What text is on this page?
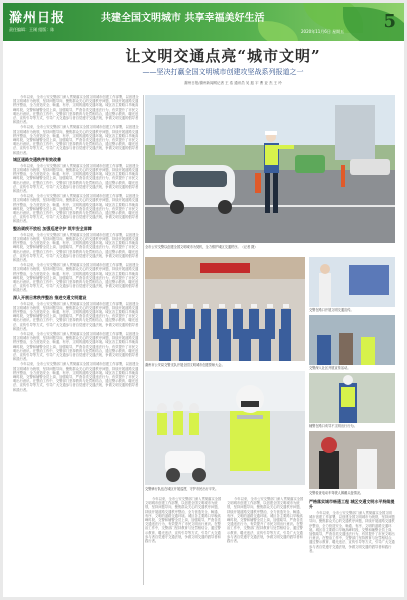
滁州日报	共建全国文明城市 共享幸福美好生活
责任编辑：王刚 组版：陈	2020年11月6日 星期五 5
让文明交通点亮“城市文明”
——坚决打赢全国文明城市创建攻坚战系列报道之一
滁州日报/滁州新闻网记者 王 浩 通讯员 吴 振 宇 曹 亚 杰 王 玲

今年以来，全市公安交警部门深入贯彻落实全国文明城市创建工作部署，以创建全国文明城市为统领，坚持问题导向，聚焦群众关心的交通秩序问题，持续开展道路交通秩序整治，全力营造安全、畅通、有序、文明的道路交通环境。城区各主要路口早晚高峰时段，交警和辅警全员上岗，加强疏导，严查各类交通违法行为，有效提升了市民文明出行意识。在整治工作中，交警部门坚持教育与处罚相结合，通过警示教育、曝光违法、宣传引导等方式，引导广大交通参与者自觉遵守交通法规，争做文明交通的倡导者和践行者。

今年以来，全市公安交警部门深入贯彻落实全国文明城市创建工作部署，以创建全国文明城市为统领，坚持问题导向，聚焦群众关心的交通秩序问题，持续开展道路交通秩序整治，全力营造安全、畅通、有序、文明的道路交通环境。城区各主要路口早晚高峰时段，交警和辅警全员上岗，加强疏导，严查各类交通违法行为，有效提升了市民文明出行意识。在整治工作中，交警部门坚持教育与处罚相结合，通过警示教育、曝光违法、宣传引导等方式，引导广大交通参与者自觉遵守交通法规，争做文明交通的倡导者和践行者。

城区道路交通秩序有效改善

今年以来，全市公安交警部门深入贯彻落实全国文明城市创建工作部署，以创建全国文明城市为统领，坚持问题导向，聚焦群众关心的交通秩序问题，持续开展道路交通秩序整治，全力营造安全、畅通、有序、文明的道路交通环境。城区各主要路口早晚高峰时段，交警和辅警全员上岗，加强疏导，严查各类交通违法行为，有效提升了市民文明出行意识。在整治工作中，交警部门坚持教育与处罚相结合，通过警示教育、曝光违法、宣传引导等方式，引导广大交通参与者自觉遵守交通法规，争做文明交通的倡导者和践行者。

今年以来，全市公安交警部门深入贯彻落实全国文明城市创建工作部署，以创建全国文明城市为统领，坚持问题导向，聚焦群众关心的交通秩序问题，持续开展道路交通秩序整治，全力营造安全、畅通、有序、文明的道路交通环境。城区各主要路口早晚高峰时段，交警和辅警全员上岗，加强疏导，严查各类交通违法行为，有效提升了市民文明出行意识。在整治工作中，交警部门坚持教育与处罚相结合，通过警示教育、曝光违法、宣传引导等方式，引导广大交通参与者自觉遵守交通法规，争做文明交通的倡导者和践行者。

整治顽疾不放松 加强巡逻守护 筑牢安全屏障

今年以来，全市公安交警部门深入贯彻落实全国文明城市创建工作部署，以创建全国文明城市为统领，坚持问题导向，聚焦群众关心的交通秩序问题，持续开展道路交通秩序整治，全力营造安全、畅通、有序、文明的道路交通环境。城区各主要路口早晚高峰时段，交警和辅警全员上岗，加强疏导，严查各类交通违法行为，有效提升了市民文明出行意识。在整治工作中，交警部门坚持教育与处罚相结合，通过警示教育、曝光违法、宣传引导等方式，引导广大交通参与者自觉遵守交通法规，争做文明交通的倡导者和践行者。

今年以来，全市公安交警部门深入贯彻落实全国文明城市创建工作部署，以创建全国文明城市为统领，坚持问题导向，聚焦群众关心的交通秩序问题，持续开展道路交通秩序整治，全力营造安全、畅通、有序、文明的道路交通环境。城区各主要路口早晚高峰时段，交警和辅警全员上岗，加强疏导，严查各类交通违法行为，有效提升了市民文明出行意识。在整治工作中，交警部门坚持教育与处罚相结合，通过警示教育、曝光违法、宣传引导等方式，引导广大交通参与者自觉遵守交通法规，争做文明交通的倡导者和践行者。

深入开展日常秩序整治 推进交通文明建设

今年以来，全市公安交警部门深入贯彻落实全国文明城市创建工作部署，以创建全国文明城市为统领，坚持问题导向，聚焦群众关心的交通秩序问题，持续开展道路交通秩序整治，全力营造安全、畅通、有序、文明的道路交通环境。城区各主要路口早晚高峰时段，交警和辅警全员上岗，加强疏导，严查各类交通违法行为，有效提升了市民文明出行意识。在整治工作中，交警部门坚持教育与处罚相结合，通过警示教育、曝光违法、宣传引导等方式，引导广大交通参与者自觉遵守交通法规，争做文明交通的倡导者和践行者。

今年以来，全市公安交警部门深入贯彻落实全国文明城市创建工作部署，以创建全国文明城市为统领，坚持问题导向，聚焦群众关心的交通秩序问题，持续开展道路交通秩序整治，全力营造安全、畅通、有序、文明的道路交通环境。城区各主要路口早晚高峰时段，交警和辅警全员上岗，加强疏导，严查各类交通违法行为，有效提升了市民文明出行意识。在整治工作中，交警部门坚持教育与处罚相结合，通过警示教育、曝光违法、宣传引导等方式，引导广大交通参与者自觉遵守交通法规，争做文明交通的倡导者和践行者。

今年以来，全市公安交警部门深入贯彻落实全国文明城市创建工作部署，以创建全国文明城市为统领，坚持问题导向，聚焦群众关心的交通秩序问题，持续开展道路交通秩序整治，全力营造安全、畅通、有序、文明的道路交通环境。城区各主要路口早晚高峰时段，交警和辅警全员上岗，加强疏导，严查各类交通违法行为，有效提升了市民文明出行意识。在整治工作中，交警部门坚持教育与处罚相结合，通过警示教育、曝光违法、宣传引导等方式，引导广大交通参与者自觉遵守交通法规，争做文明交通的倡导者和践行者。

全市公安交警以创建全国文明城市为契机，全力维护城区交通秩序。（记者 摄）
滁州市公安局交警支队开展全国文明城市创建誓师大会。
交警在路口开展文明交通宣传。
交警深入社区开展宣传活动。
辅警在路口劝导不文明出行行为。
交警检查电动车驾驶人佩戴头盔情况。
交警骑行队伍在城区开展巡逻，守护市民出行平安。

今年以来，全市公安交警部门深入贯彻落实全国文明城市创建工作部署，以创建全国文明城市为统领，坚持问题导向，聚焦群众关心的交通秩序问题，持续开展道路交通秩序整治，全力营造安全、畅通、有序、文明的道路交通环境。城区各主要路口早晚高峰时段，交警和辅警全员上岗，加强疏导，严查各类交通违法行为，有效提升了市民文明出行意识。在整治工作中，交警部门坚持教育与处罚相结合，通过警示教育、曝光违法、宣传引导等方式，引导广大交通参与者自觉遵守交通法规，争做文明交通的倡导者和践行者。

今年以来，全市公安交警部门深入贯彻落实全国文明城市创建工作部署，以创建全国文明城市为统领，坚持问题导向，聚焦群众关心的交通秩序问题，持续开展道路交通秩序整治，全力营造安全、畅通、有序、文明的道路交通环境。城区各主要路口早晚高峰时段，交警和辅警全员上岗，加强疏导，严查各类交通违法行为，有效提升了市民文明出行意识。在整治工作中，交警部门坚持教育与处罚相结合，通过警示教育、曝光违法、宣传引导等方式，引导广大交通参与者自觉遵守交通法规，争做文明交通的倡导者和践行者。

严格落实城市畅通工程 城区交通文明水平持续提升

今年以来，全市公安交警部门深入贯彻落实全国文明城市创建工作部署，以创建全国文明城市为统领，坚持问题导向，聚焦群众关心的交通秩序问题，持续开展道路交通秩序整治，全力营造安全、畅通、有序、文明的道路交通环境。城区各主要路口早晚高峰时段，交警和辅警全员上岗，加强疏导，严查各类交通违法行为，有效提升了市民文明出行意识。在整治工作中，交警部门坚持教育与处罚相结合，通过警示教育、曝光违法、宣传引导等方式，引导广大交通参与者自觉遵守交通法规，争做文明交通的倡导者和践行者。
